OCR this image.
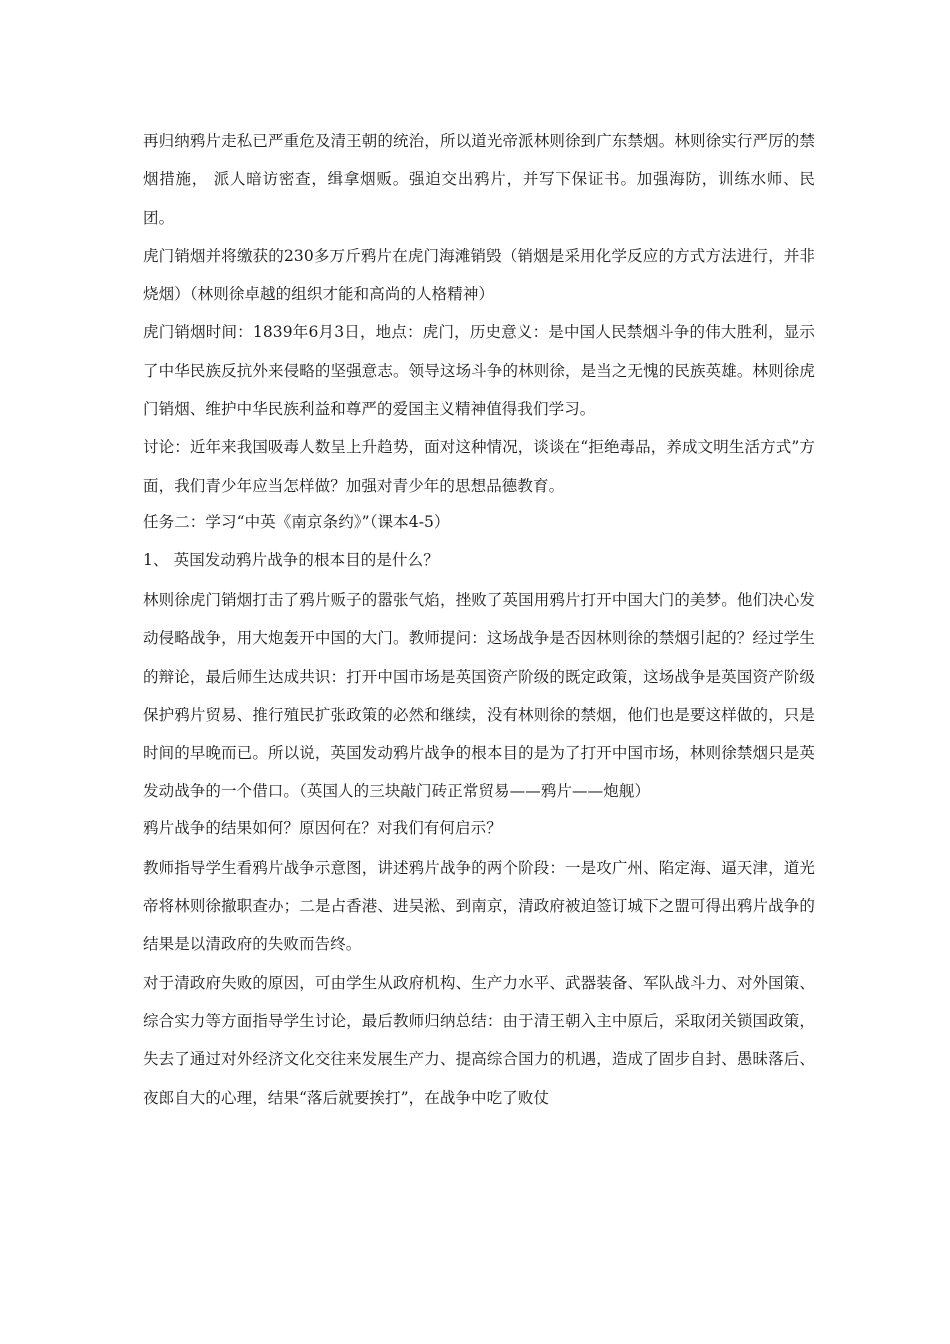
再归纳鸦片走私已严重危及清王朝的统治，所以道光帝派林则徐到广东禁烟。林则徐实行严厉的禁烟措施， 派人暗访密查，缉拿烟贩。强迫交出鸦片，并写下保证书。加强海防，训练水师、民团。

虎门销烟并将缴获的230多万斤鸦片在虎门海滩销毁（销烟是采用化学反应的方式方法进行，并非烧烟）（林则徐卓越的组织才能和高尚的人格精神）

虎门销烟时间：1839年6月3日，地点：虎门，历史意义：是中国人民禁烟斗争的伟大胜利，显示了中华民族反抗外来侵略的坚强意志。领导这场斗争的林则徐，是当之无愧的民族英雄。林则徐虎门销烟、维护中华民族利益和尊严的爱国主义精神值得我们学习。

讨论：近年来我国吸毒人数呈上升趋势，面对这种情况，谈谈在“拒绝毒品，养成文明生活方式”方面，我们青少年应当怎样做？加强对青少年的思想品德教育。

任务二：学习“中英《南京条约》”（课本4-5）

1、 英国发动鸦片战争的根本目的是什么？

林则徐虎门销烟打击了鸦片贩子的嚣张气焰，挫败了英国用鸦片打开中国大门的美梦。他们决心发动侵略战争，用大炮轰开中国的大门。教师提问：这场战争是否因林则徐的禁烟引起的？经过学生的辩论，最后师生达成共识：打开中国市场是英国资产阶级的既定政策，这场战争是英国资产阶级保护鸦片贸易、推行殖民扩张政策的必然和继续，没有林则徐的禁烟，他们也是要这样做的，只是时间的早晚而已。所以说，英国发动鸦片战争的根本目的是为了打开中国市场，林则徐禁烟只是英发动战争的一个借口。（英国人的三块敲门砖正常贸易——鸦片——炮舰）

鸦片战争的结果如何？原因何在？对我们有何启示？

教师指导学生看鸦片战争示意图，讲述鸦片战争的两个阶段：一是攻广州、陷定海、逼天津，道光帝将林则徐撤职查办；二是占香港、进吴淞、到南京，清政府被迫签订城下之盟可得出鸦片战争的结果是以清政府的失败而告终。

对于清政府失败的原因，可由学生从政府机构、生产力水平、武器装备、军队战斗力、对外国策、综合实力等方面指导学生讨论，最后教师归纳总结：由于清王朝入主中原后，采取闭关锁国政策，失去了通过对外经济文化交往来发展生产力、提高综合国力的机遇，造成了固步自封、愚昧落后、夜郎自大的心理，结果“落后就要挨打”，在战争中吃了败仗
